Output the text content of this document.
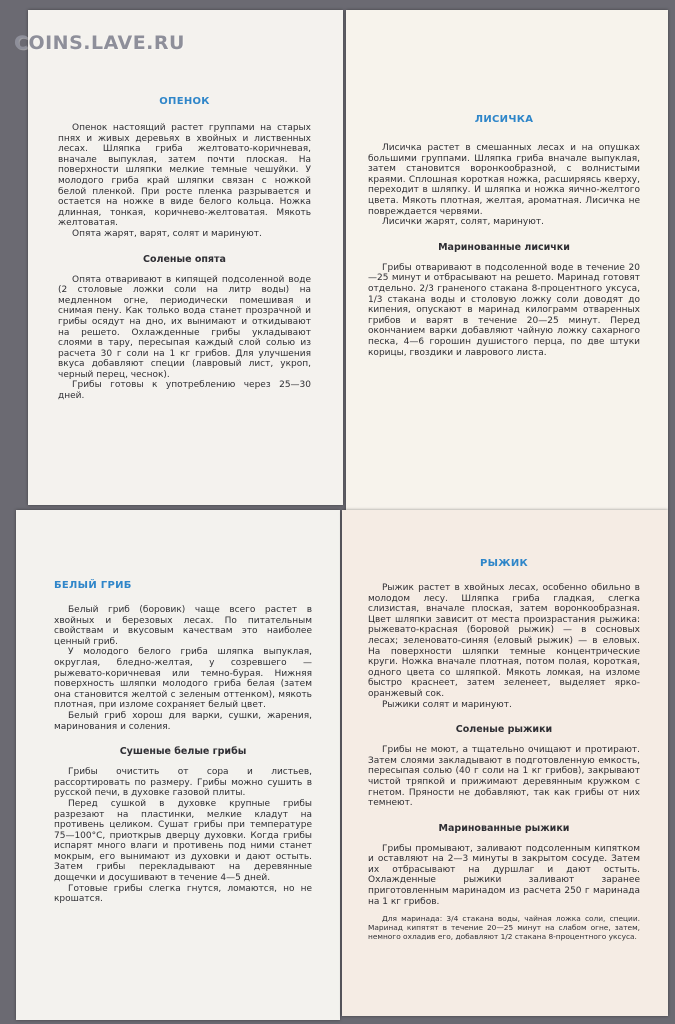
COINS.LAVE.RU
ОПЕНОК

Опенок настоящий растет группами на старых пнях и живых деревьях в хвойных и лиственных лесах. Шляпка гриба желтовато-коричневая, вначале выпуклая, затем почти плоская. На поверхности шляпки мелкие темные чешуйки. У молодого гриба край шляпки связан с ножкой белой пленкой. При росте пленка разрывается и остается на ножке в виде белого кольца. Ножка длинная, тонкая, коричнево-желтоватая. Мякоть желтоватая.

Опята жарят, варят, солят и маринуют.

Соленые опята

Опята отваривают в кипящей подсоленной воде (2 столовые ложки соли на литр воды) на медленном огне, периодически помешивая и снимая пену. Как только вода станет прозрачной и грибы осядут на дно, их вынимают и откидывают на решето. Охлажденные грибы укладывают слоями в тару, пересыпая каждый слой солью из расчета 30 г соли на 1 кг грибов. Для улучшения вкуса добавляют специи (лавровый лист, укроп, черный перец, чеснок).

Грибы готовы к употреблению через 25—30 дней.

ЛИСИЧКА

Лисичка растет в смешанных лесах и на опушках большими группами. Шляпка гриба вначале выпуклая, затем становится воронкообразной, с волнистыми краями. Сплошная короткая ножка, расширяясь кверху, переходит в шляпку. И шляпка и ножка яично-желтого цвета. Мякоть плотная, желтая, ароматная. Лисичка не повреждается червями.

Лисички жарят, солят, маринуют.

Маринованные лисички

Грибы отваривают в подсоленной воде в течение 20—25 минут и отбрасывают на решето. Маринад готовят отдельно. 2/3 граненого стакана 8-процентного уксуса, 1/3 стакана воды и столовую ложку соли доводят до кипения, опускают в маринад килограмм отваренных грибов и варят в течение 20—25 минут. Перед окончанием варки добавляют чайную ложку сахарного песка, 4—6 горошин душистого перца, по две штуки корицы, гвоздики и лаврового листа.

БЕЛЫЙ ГРИБ

Белый гриб (боровик) чаще всего растет в хвойных и березовых лесах. По питательным свойствам и вкусовым качествам это наиболее ценный гриб.

У молодого белого гриба шляпка выпуклая, округлая, бледно-желтая, у созревшего — рыжевато-коричневая или темно-бурая. Нижняя поверхность шляпки молодого гриба белая (затем она становится желтой с зеленым оттенком), мякоть плотная, при изломе сохраняет белый цвет.

Белый гриб хорош для варки, сушки, жарения, маринования и соления.

Сушеные белые грибы

Грибы очистить от сора и листьев, рассортировать по размеру. Грибы можно сушить в русской печи, в духовке газовой плиты.

Перед сушкой в духовке крупные грибы разрезают на пластинки, мелкие кладут на противень целиком. Сушат грибы при температуре 75—100°С, приоткрыв дверцу духовки. Когда грибы испарят много влаги и противень под ними станет мокрым, его вынимают из духовки и дают остыть. Затем грибы перекладывают на деревянные дощечки и досушивают в течение 4—5 дней.

Готовые грибы слегка гнутся, ломаются, но не крошатся.

РЫЖИК

Рыжик растет в хвойных лесах, особенно обильно в молодом лесу. Шляпка гриба гладкая, слегка слизистая, вначале плоская, затем воронкообразная. Цвет шляпки зависит от места произрастания рыжика: рыжевато-красная (боровой рыжик) — в сосновых лесах; зеленовато-синяя (еловый рыжик) — в еловых. На поверхности шляпки темные концентрические круги. Ножка вначале плотная, потом полая, короткая, одного цвета со шляпкой. Мякоть ломкая, на изломе быстро краснеет, затем зеленеет, выделяет ярко-оранжевый сок.

Рыжики солят и маринуют.

Соленые рыжики

Грибы не моют, а тщательно очищают и протирают. Затем слоями закладывают в подготовленную емкость, пересыпая солью (40 г соли на 1 кг грибов), закрывают чистой тряпкой и прижимают деревянным кружком с гнетом. Пряности не добавляют, так как грибы от них темнеют.

Маринованные рыжики

Грибы промывают, заливают подсоленным кипятком и оставляют на 2—3 минуты в закрытом сосуде. Затем их отбрасывают на дуршлаг и дают остыть. Охлажденные рыжики заливают заранее приготовленным маринадом из расчета 250 г маринада на 1 кг грибов.

Для маринада: 3/4 стакана воды, чайная ложка соли, специи. Маринад кипятят в течение 20—25 минут на слабом огне, затем, немного охладив его, добавляют 1/2 стакана 8-процентного уксуса.
